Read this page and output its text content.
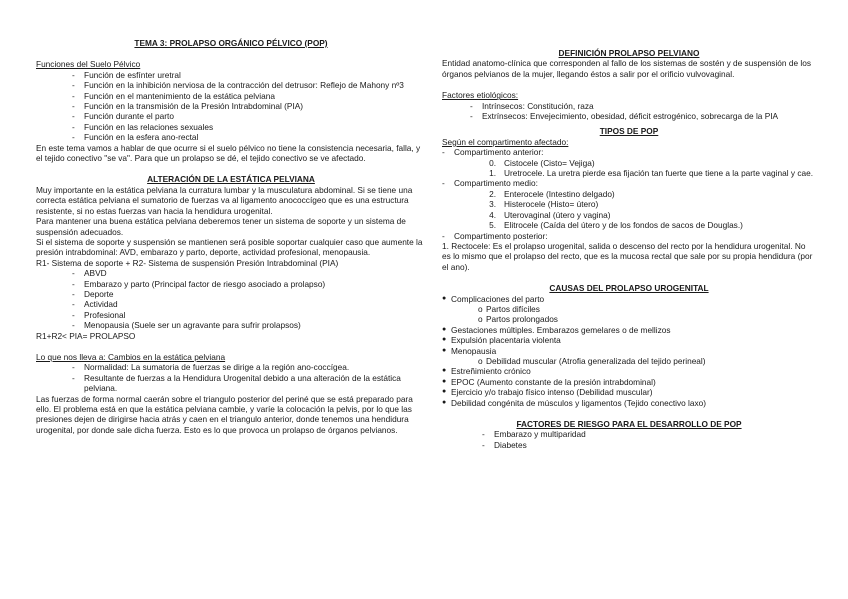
TEMA 3: PROLAPSO ORGÁNICO PÉLVICO (POP)
Funciones del Suelo Pélvico
-	Función de esfínter uretral
-	Función en la inhibición nerviosa de la contracción del detrusor: Reflejo de Mahony nº3
-	Función en el mantenimiento de la estática pelviana
-	Función en la transmisión de la Presión Intrabdominal (PIA)
-	Función durante el parto
-	Función en las relaciones sexuales
-	Función en la esfera ano-rectal

En este tema vamos a hablar de que ocurre si el suelo pélvico no tiene la consistencia necesaria, falla, y el tejido conectivo "se va". Para que un prolapso se dé, el tejido conectivo se ve afectado.

ALTERACIÓN DE LA ESTÁTICA PELVIANA

Muy importante en la estática pelviana la curratura lumbar y la musculatura abdominal. Si se tiene una correcta estática pelviana el sumatorio de fuerzas va al ligamento anococcígeo que es una estructura resistente, si no estas fuerzas van hacia la hendidura urogenital.

Para mantener una buena estática pelviana deberemos tener un sistema de soporte y un sistema de suspensión adecuados.

Si el sistema de soporte y suspensión se mantienen será posible soportar cualquier caso que aumente la presión intrabdominal: AVD, embarazo y parto, deporte, actividad profesional, menopausia.

R1- Sistema de soporte + R2- Sistema de suspensión Presión Intrabdominal (PIA)
-	ABVD
-	Embarazo y parto (Principal factor de riesgo asociado a prolapso)
-	Deporte
-	Actividad
-	Profesional
-	Menopausia (Suele ser un agravante para sufrir prolapsos)
R1+R2< PIA= PROLAPSO
Lo que nos lleva a: Cambios en la estática pelviana
-	Normalidad: La sumatoria de fuerzas se dirige a la región ano-coccígea.
-	Resultante de fuerzas a la Hendidura Urogenital debido a una alteración de la estática pelviana.

Las fuerzas de forma normal caerán sobre el triangulo posterior del periné que se está preparado para ello. El problema está en que la estática pelviana cambie, y varíe la colocación la pelvis, por lo que las presiones dejen de dirigirse hacia atrás y caen en el triangulo anterior, donde tenemos una hendidura urogenital, por donde sale dicha fuerza. Esto es lo que provoca un prolapso de órganos pelvianos.

DEFINICIÓN PROLAPSO PELVIANO

Entidad anatomo-clínica que corresponden al fallo de los sistemas de sostén y de suspensión de los órganos pelvianos de la mujer, llegando éstos a salir por el orificio vulvovaginal.

Factores etiológicos:
-	Intrínsecos: Constitución, raza
-	Extrínsecos: Envejecimiento, obesidad, déficit estrogénico, sobrecarga de la PIA
TIPOS DE POP
Según el compartimento afectado:
-	Compartimento anterior:
0. Cistocele (Cisto= Vejiga)
1. Uretrocele. La uretra pierde esa fijación tan fuerte que tiene a la parte vaginal y cae.
-	Compartimento medio:
2. Enterocele (Intestino delgado)
3. Histerocele (Histo= útero)
4. Uterovaginal (útero y vagina)
5. Elitrocele (Caída del útero y de los fondos de sacos de Douglas.)
-	Compartimento posterior:

1. Rectocele: Es el prolapso urogenital, salida o descenso del recto por la hendidura urogenital. No es lo mismo que el prolapso del recto, que es la mucosa rectal que sale por su propia hendidura (por el ano).

CAUSAS DEL PROLAPSO UROGENITAL
● Complicaciones del parto
o Partos difíciles
o Partos prolongados
● Gestaciones múltiples. Embarazos gemelares o de mellizos
● Expulsión placentaria violenta
● Menopausia
o Debilidad muscular (Atrofia generalizada del tejido perineal)
● Estreñimiento crónico
● EPOC (Aumento constante de la presión intrabdominal)
● Ejercicio y/o trabajo físico intenso (Debilidad muscular)
● Debilidad congénita de músculos y ligamentos (Tejido conectivo laxo)
FACTORES DE RIESGO PARA EL DESARROLLO DE POP
-	Embarazo y multiparidad
-	Diabetes
